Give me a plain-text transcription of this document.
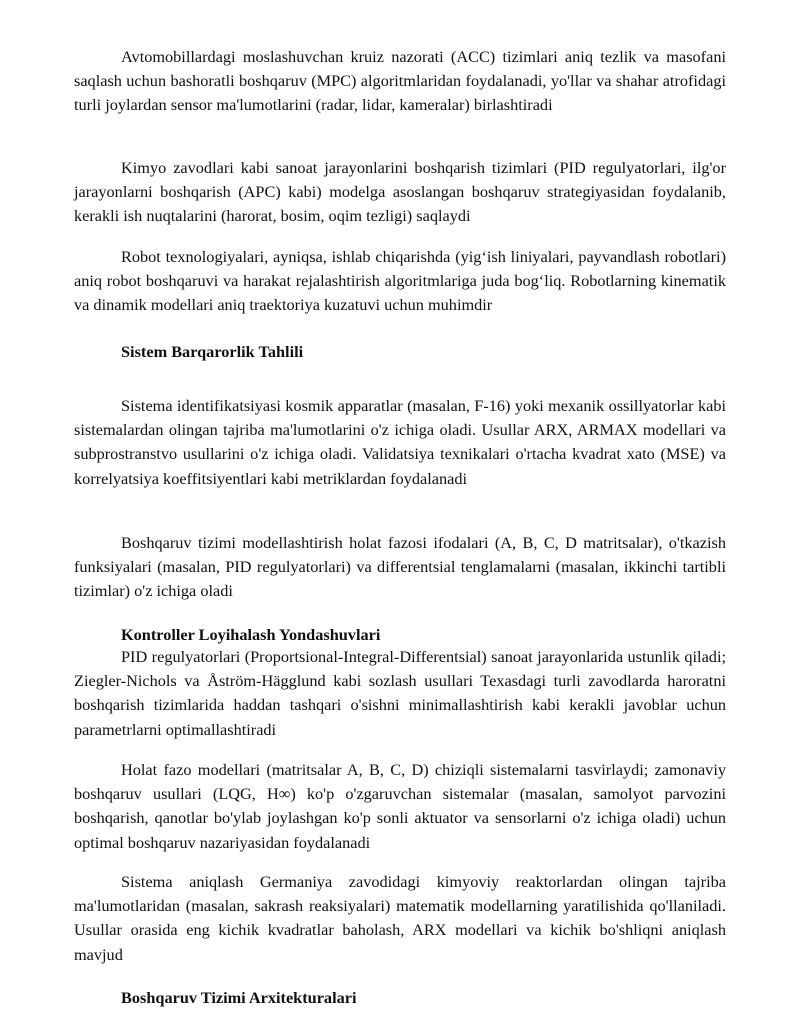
Avtomobillardagi moslashuvchan kruiz nazorati (ACC) tizimlari aniq tezlik va masofani saqlash uchun bashoratli boshqaruv (MPC) algoritmlaridan foydalanadi, yo'llar va shahar atrofidagi turli joylardan sensor ma'lumotlarini (radar, lidar, kameralar) birlashtiradi

Kimyo zavodlari kabi sanoat jarayonlarini boshqarish tizimlari (PID regulyatorlari, ilg'or jarayonlarni boshqarish (APC) kabi) modelga asoslangan boshqaruv strategiyasidan foydalanib, kerakli ish nuqtalarini (harorat, bosim, oqim tezligi) saqlaydi

Robot texnologiyalari, ayniqsa, ishlab chiqarishda (yig‘ish liniyalari, payvandlash robotlari) aniq robot boshqaruvi va harakat rejalashtirish algoritmlariga juda bog‘liq. Robotlarning kinematik va dinamik modellari aniq traektoriya kuzatuvi uchun muhimdir

Sistem Barqarorlik Tahlili

Sistema identifikatsiyasi kosmik apparatlar (masalan, F-16) yoki mexanik ossillyatorlar kabi sistemalardan olingan tajriba ma'lumotlarini o'z ichiga oladi. Usullar ARX, ARMAX modellari va subprostranstvo usullarini o'z ichiga oladi. Validatsiya texnikalari o'rtacha kvadrat xato (MSE) va korrelyatsiya koeffitsiyentlari kabi metriklardan foydalanadi

Boshqaruv tizimi modellashtirish holat fazosi ifodalari (A, B, C, D matritsalar), o'tkazish funksiyalari (masalan, PID regulyatorlari) va differentsial tenglamalarni (masalan, ikkinchi tartibli tizimlar) o'z ichiga oladi

Kontroller Loyihalash Yondashuvlari

PID regulyatorlari (Proportsional-Integral-Differentsial) sanoat jarayonlarida ustunlik qiladi; Ziegler-Nichols va Åström-Hägglund kabi sozlash usullari Texasdagi turli zavodlarda haroratni boshqarish tizimlarida haddan tashqari o'sishni minimallashtirish kabi kerakli javoblar uchun parametrlarni optimallashtiradi

Holat fazo modellari (matritsalar A, B, C, D) chiziqli sistemalarni tasvirlaydi; zamonaviy boshqaruv usullari (LQG, H∞) ko'p o'zgaruvchan sistemalar (masalan, samolyot parvozini boshqarish, qanotlar bo'ylab joylashgan ko'p sonli aktuator va sensorlarni o'z ichiga oladi) uchun optimal boshqaruv nazariyasidan foydalanadi

Sistema aniqlash Germaniya zavodidagi kimyoviy reaktorlardan olingan tajriba ma'lumotlaridan (masalan, sakrash reaksiyalari) matematik modellarning yaratilishida qo'llaniladi. Usullar orasida eng kichik kvadratlar baholash, ARX modellari va kichik bo'shliqni aniqlash mavjud

Boshqaruv Tizimi Arxitekturalari
